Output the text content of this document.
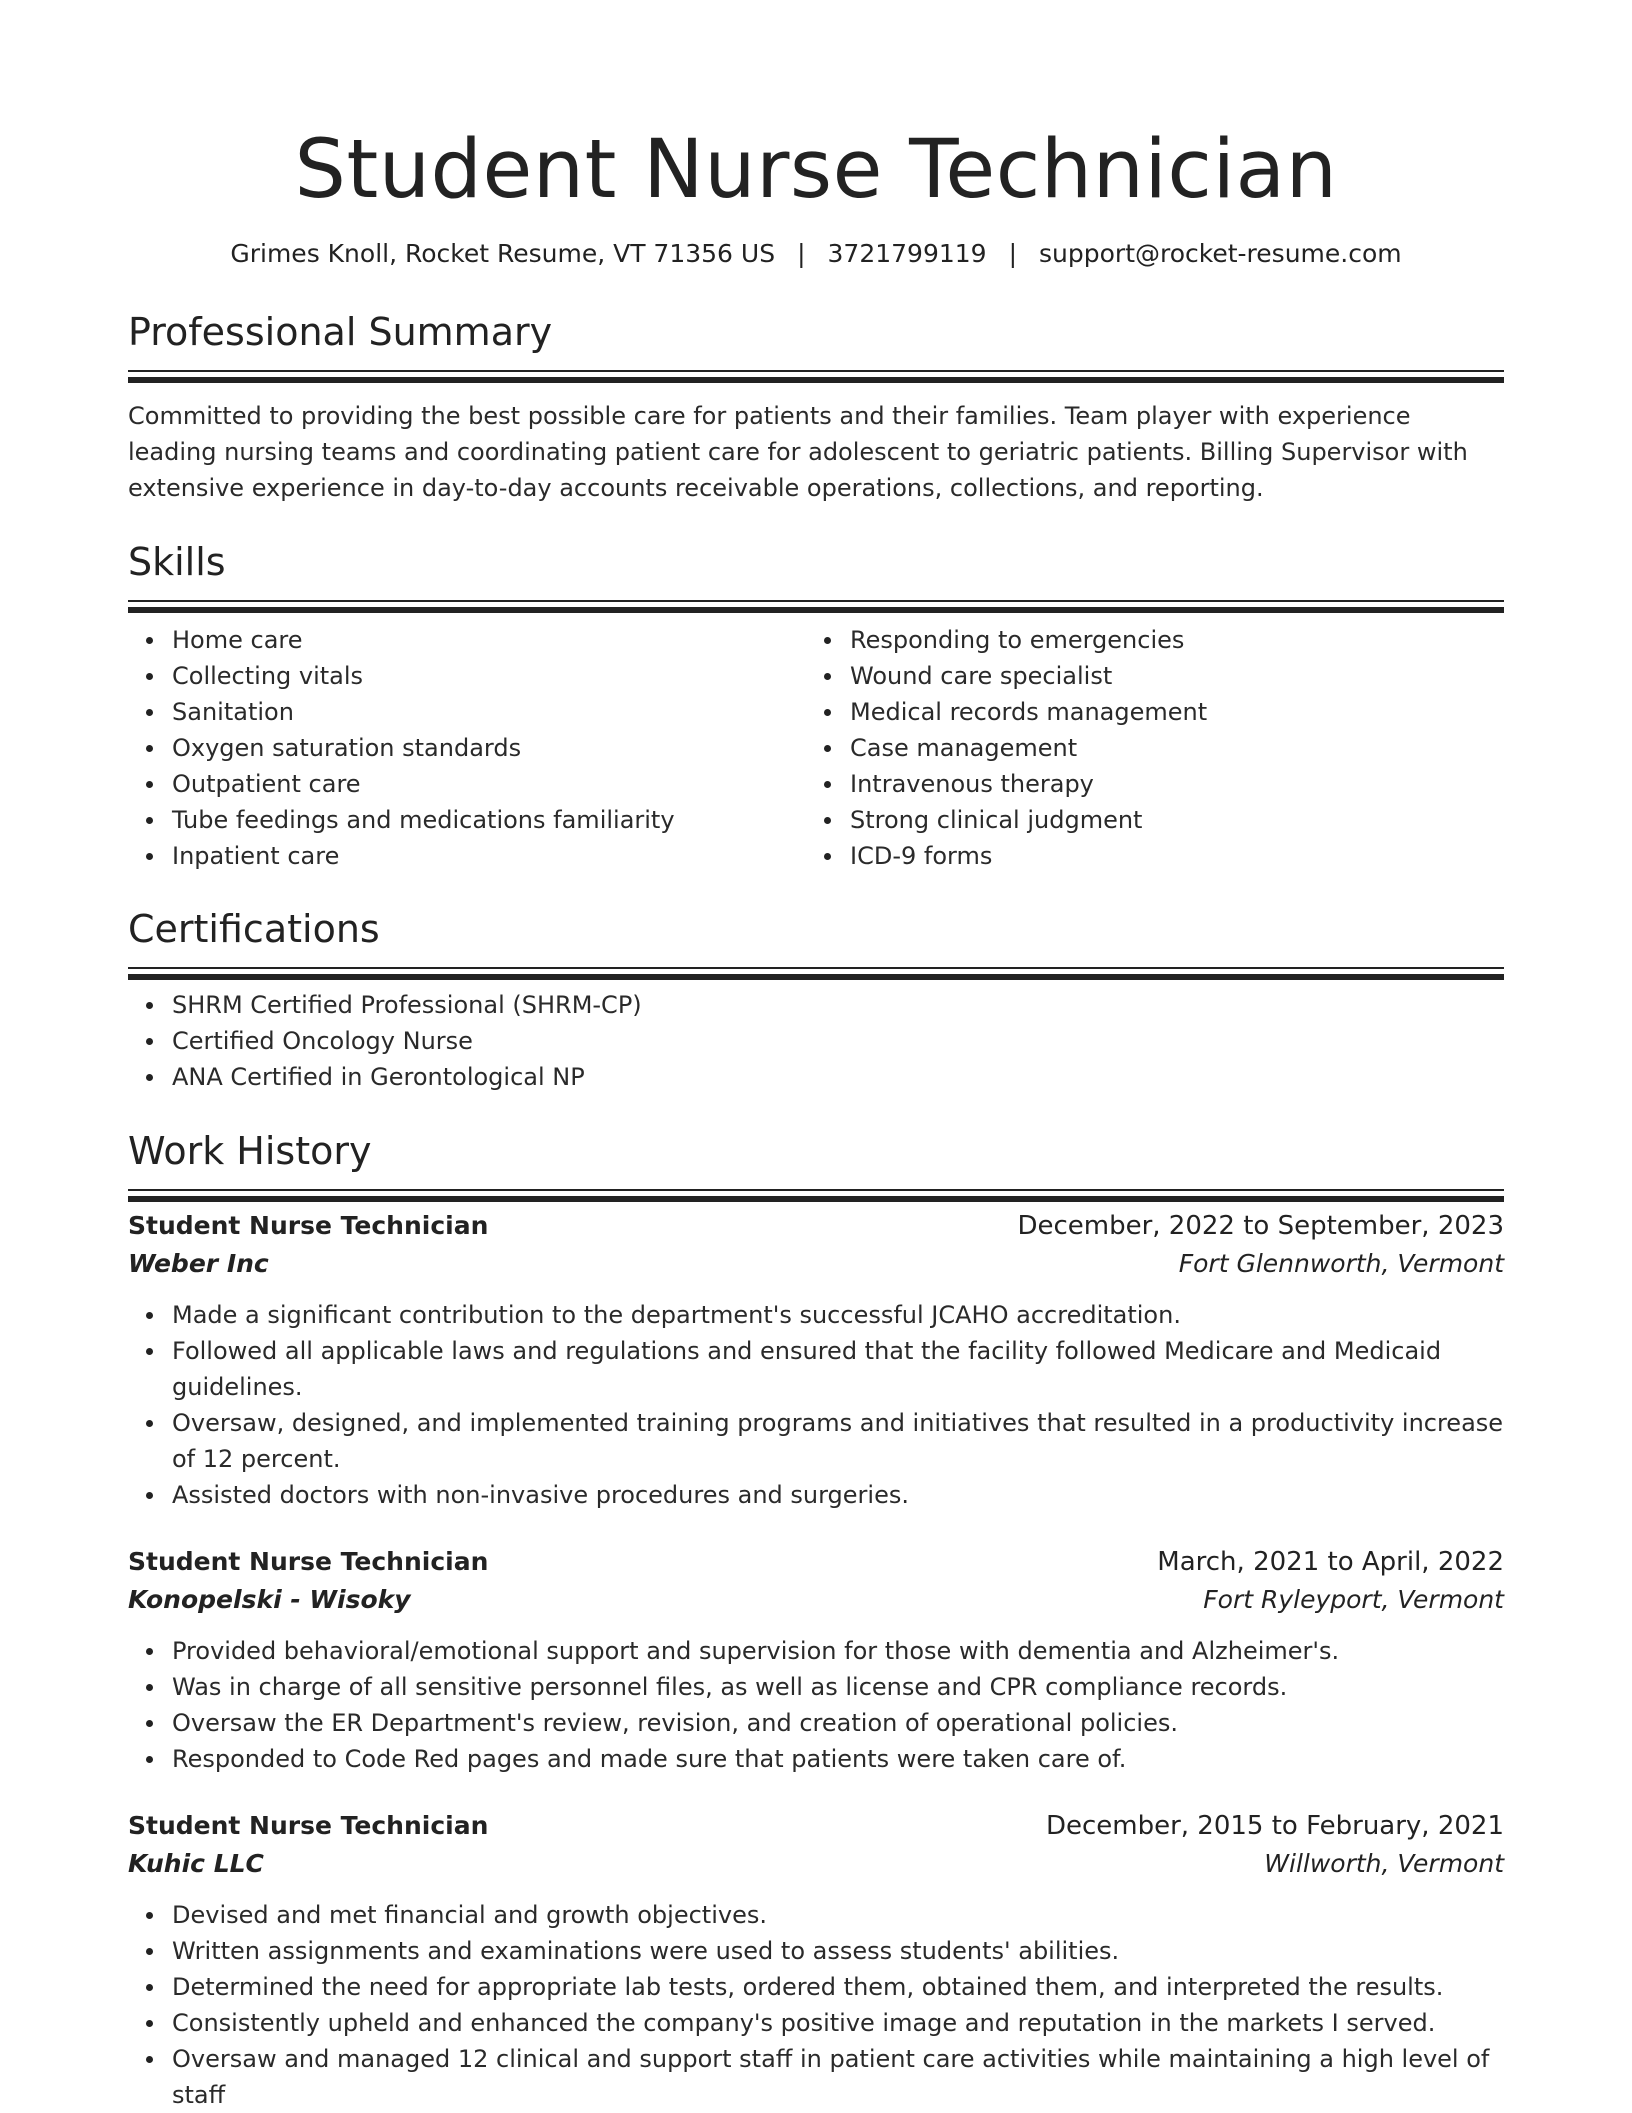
Student Nurse Technician
Grimes Knoll, Rocket Resume, VT 71356 US | 3721799119 | support@rocket-resume.com
Professional Summary

Committed to providing the best possible care for patients and their families. Team player with experience leading nursing teams and coordinating patient care for adolescent to geriatric patients. Billing Supervisor with extensive experience in day-to-day accounts receivable operations, collections, and reporting.

Skills
Home care
Collecting vitals
Sanitation
Oxygen saturation standards
Outpatient care
Tube feedings and medications familiarity
Inpatient care
Responding to emergencies
Wound care specialist
Medical records management
Case management
Intravenous therapy
Strong clinical judgment
ICD-9 forms
Certifications
SHRM Certified Professional (SHRM-CP)
Certified Oncology Nurse
ANA Certified in Gerontological NP
Work History
Student Nurse Technician	December, 2022 to September, 2023
Weber Inc	Fort Glennworth, Vermont
Made a significant contribution to the department's successful JCAHO accreditation.
Followed all applicable laws and regulations and ensured that the facility followed Medicare and Medicaid guidelines.
Oversaw, designed, and implemented training programs and initiatives that resulted in a productivity increase of 12 percent.
Assisted doctors with non-invasive procedures and surgeries.
Student Nurse Technician	March, 2021 to April, 2022
Konopelski - Wisoky	Fort Ryleyport, Vermont
Provided behavioral/emotional support and supervision for those with dementia and Alzheimer's.
Was in charge of all sensitive personnel files, as well as license and CPR compliance records.
Oversaw the ER Department's review, revision, and creation of operational policies.
Responded to Code Red pages and made sure that patients were taken care of.
Student Nurse Technician	December, 2015 to February, 2021
Kuhic LLC	Willworth, Vermont
Devised and met financial and growth objectives.
Written assignments and examinations were used to assess students' abilities.
Determined the need for appropriate lab tests, ordered them, obtained them, and interpreted the results.
Consistently upheld and enhanced the company's positive image and reputation in the markets I served.
Oversaw and managed 12 clinical and support staff in patient care activities while maintaining a high level of staff
